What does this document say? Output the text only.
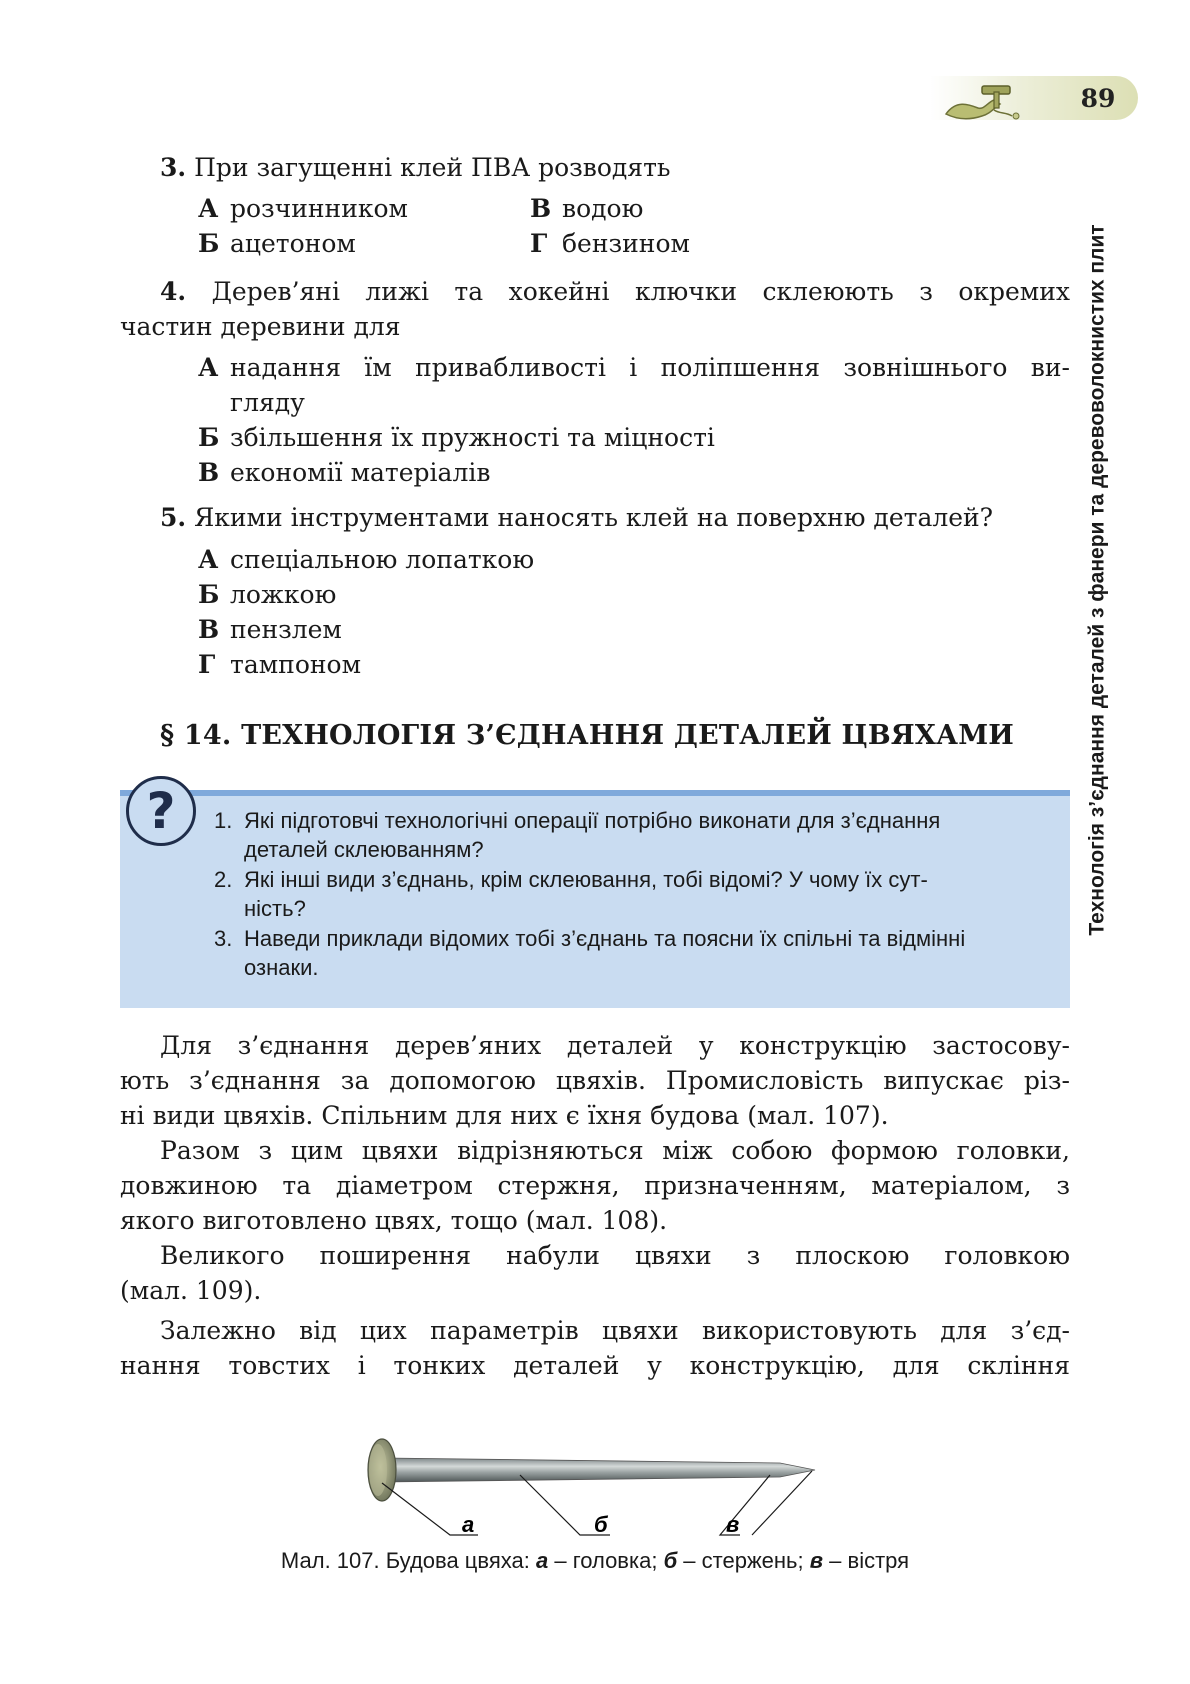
89
Технологія з’єднання деталей з фанери та деревоволокнистих плит
3. При загущенні клей ПВА розводять
А розчинником
Б ацетоном
В водою
Г бензином
4. Дерев’яні лижі та хокейні ключки склеюють з окремих
частин деревини для
А надання їм привабливості і поліпшення зовнішнього ви-
гляду
Б збільшення їх пружності та міцності
В економії матеріалів
5. Якими інструментами наносять клей на поверхню деталей?
А спеціальною лопаткою
Б ложкою
В пензлем
Г тампоном
§ 14. ТЕХНОЛОГІЯ З’ЄДНАННЯ ДЕТАЛЕЙ ЦВЯХАМИ
?	1. Які підготовчі технологічні операції потрібно виконати для з’єднання
деталей склеюванням?
2. Які інші види з’єднань, крім склеювання, тобі відомі? У чому їх сут-
ність?
3. Наведи приклади відомих тобі з’єднань та поясни їх спільні та відмінні
ознаки.
Для з’єднання дерев’яних деталей у конструкцію застосову-
ють з’єднання за допомогою цвяхів. Промисловість випускає різ-
ні види цвяхів. Спільним для них є їхня будова (мал. 107).
Разом з цим цвяхи відрізняються між собою формою головки,
довжиною та діаметром стержня, призначенням, матеріалом, з
якого виготовлено цвях, тощо (мал. 108).
Великого поширення набули цвяхи з плоскою головкою
(мал. 109).
Залежно від цих параметрів цвяхи використовують для з’єд-
нання товстих і тонких деталей у конструкцію, для скління
а	б	в
Мал. 107. Будова цвяха: а – головка; б – стержень; в – вістря
